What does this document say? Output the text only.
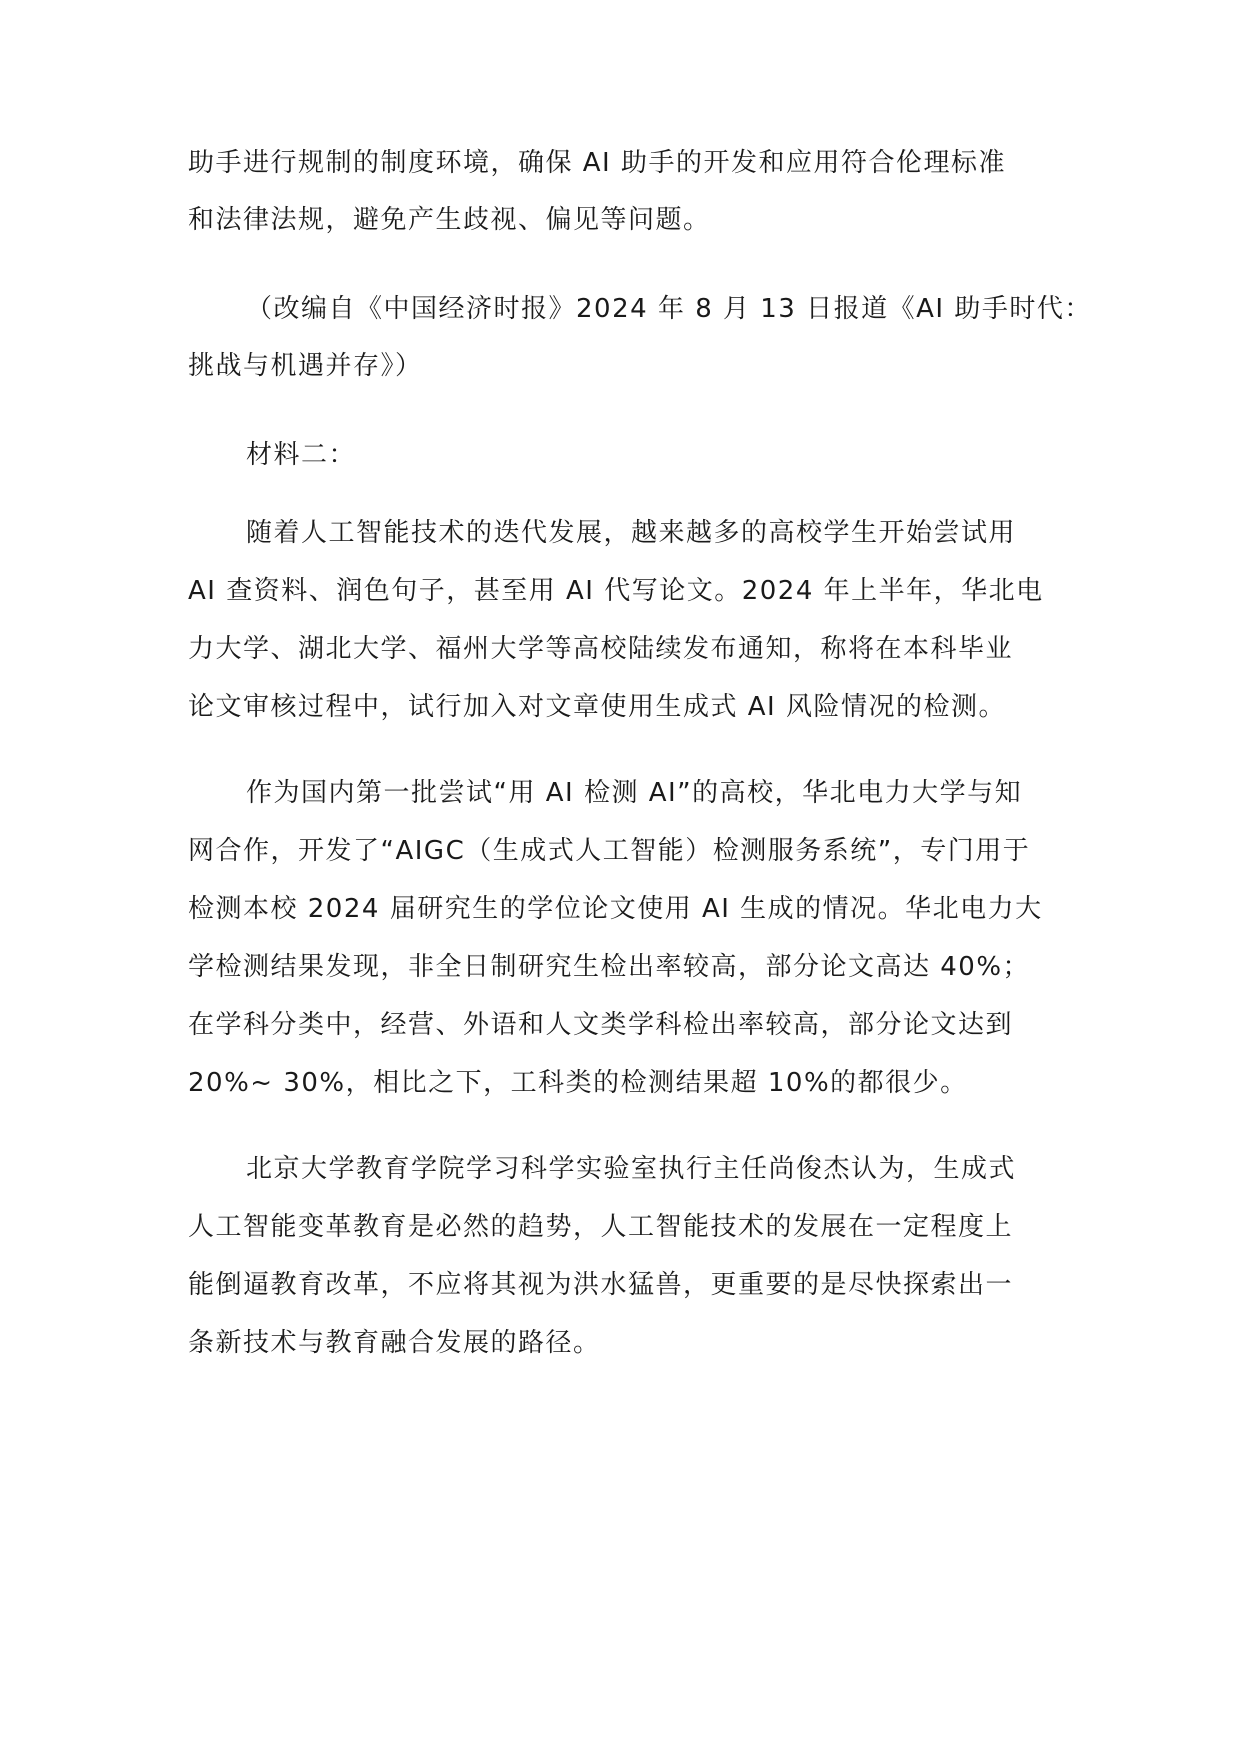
助手进行规制的制度环境，确保 AI 助手的开发和应用符合伦理标准
和法律法规，避免产生歧视、偏见等问题。
（改编自《中国经济时报》2024 年 8 月 13 日报道《AI 助手时代：
挑战与机遇并存》）
材料二：
随着人工智能技术的迭代发展，越来越多的高校学生开始尝试用
AI 查资料、润色句子，甚至用 AI 代写论文。2024 年上半年，华北电
力大学、湖北大学、福州大学等高校陆续发布通知，称将在本科毕业
论文审核过程中，试行加入对文章使用生成式 AI 风险情况的检测。
作为国内第一批尝试“用 AI 检测 AI”的高校，华北电力大学与知
网合作，开发了“AIGC（生成式人工智能）检测服务系统”，专门用于
检测本校 2024 届研究生的学位论文使用 AI 生成的情况。华北电力大
学检测结果发现，非全日制研究生检出率较高，部分论文高达 40%；
在学科分类中，经营、外语和人文类学科检出率较高，部分论文达到
20%~ 30%，相比之下，工科类的检测结果超 10%的都很少。
北京大学教育学院学习科学实验室执行主任尚俊杰认为，生成式
人工智能变革教育是必然的趋势，人工智能技术的发展在一定程度上
能倒逼教育改革，不应将其视为洪水猛兽，更重要的是尽快探索出一
条新技术与教育融合发展的路径。
